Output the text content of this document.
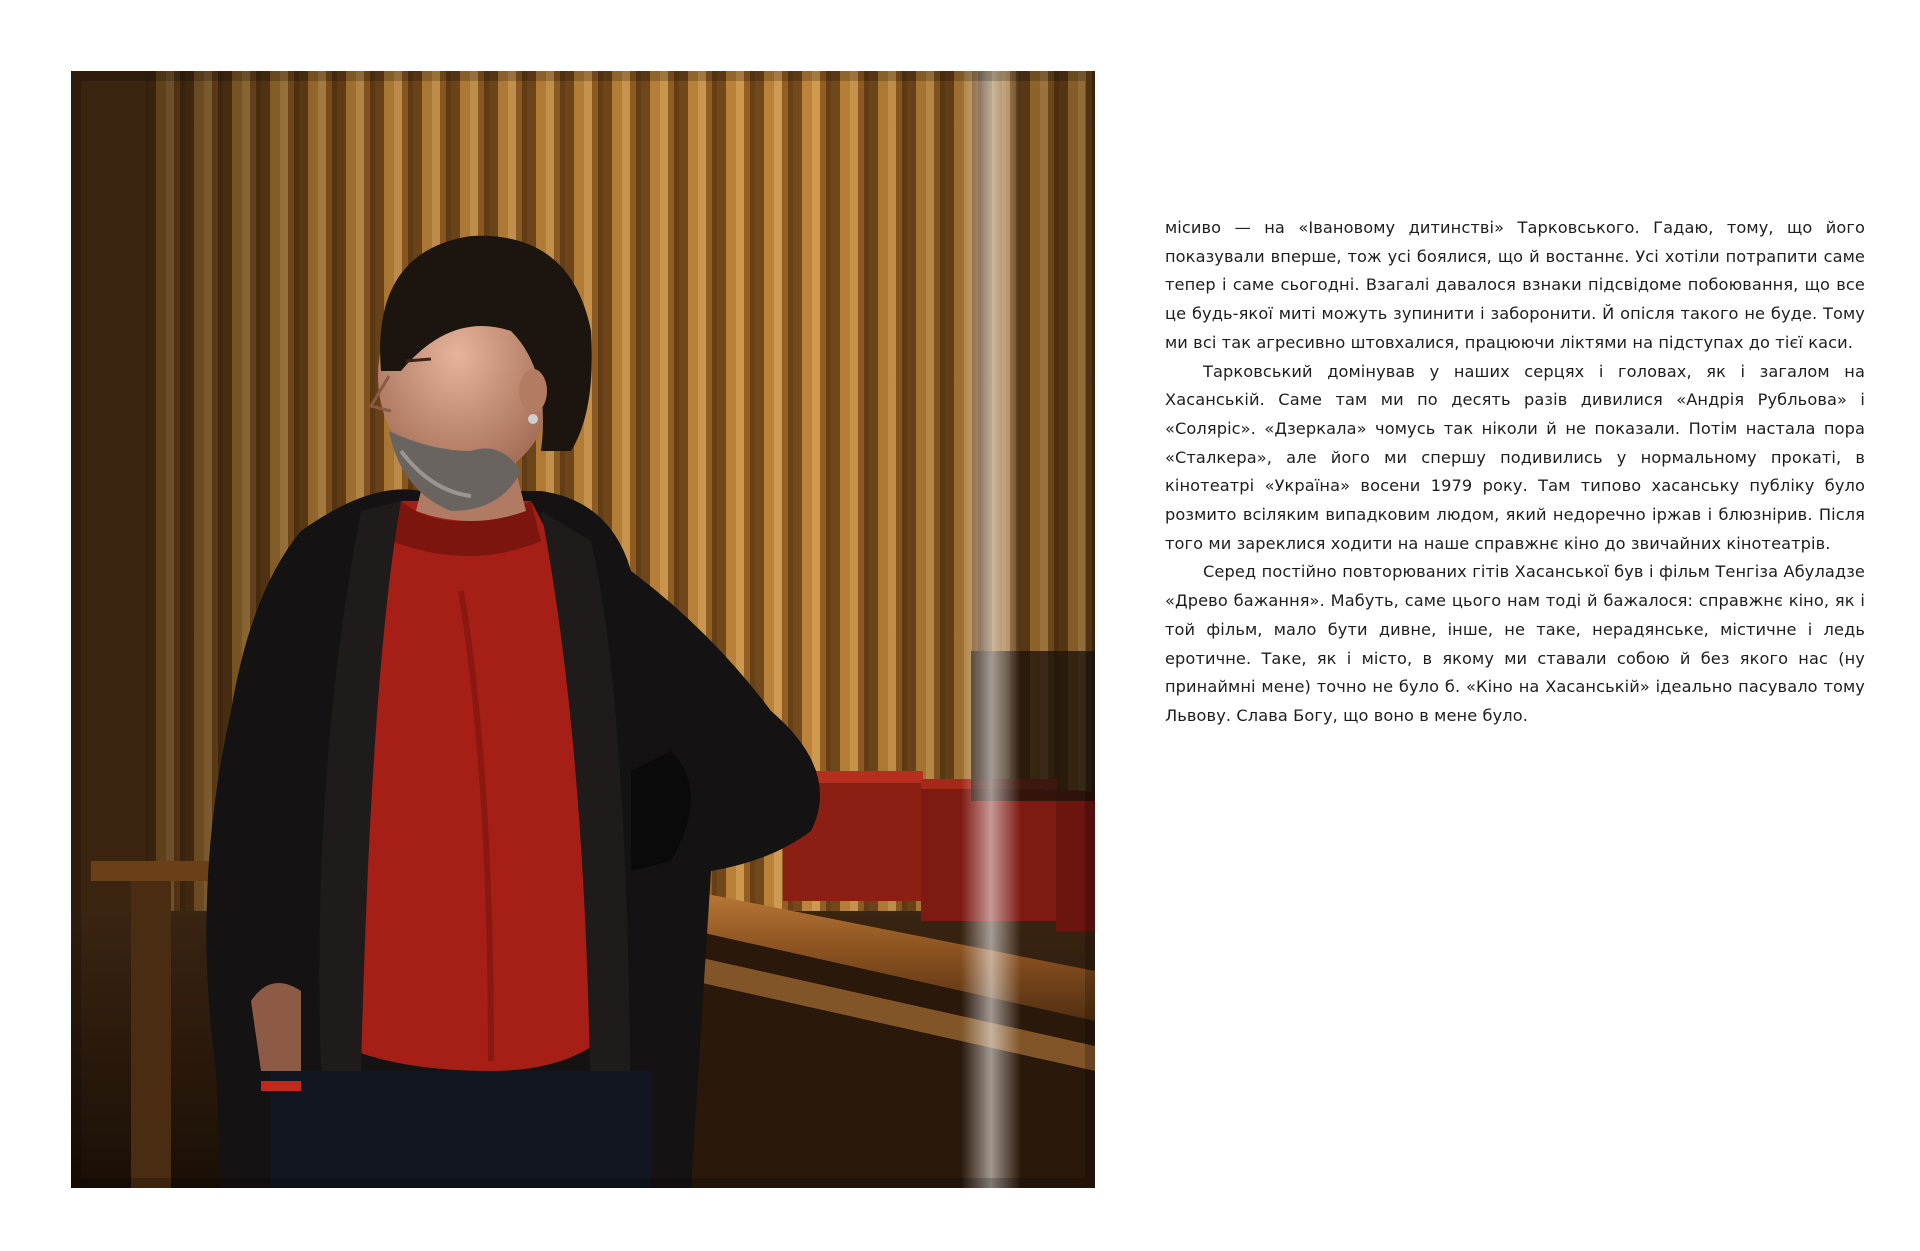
місиво — на «Івановому дитинстві» Тарковського. Гадаю, тому, що його показували вперше, тож усі боялися, що й востаннє. Усі хотіли потрапити саме тепер і саме сьогодні. Взагалі давалося взнаки підсвідоме побоювання, що все це будь-якої миті можуть зупинити і заборонити. Й опісля такого не буде. Тому ми всі так агресивно штовхалися, працюючи ліктями на підступах до тієї каси.

Тарковський домінував у наших серцях і головах, як і загалом на Хасанській. Саме там ми по десять разів дивилися «Андрія Рубльова» і «Соляріс». «Дзеркала» чомусь так ніколи й не показали. Потім настала пора «Сталкера», але його ми спершу подивились у нормальному прокаті, в кінотеатрі «Україна» восени 1979 року. Там типово хасанську публіку було розмито всіляким випадковим людом, який недоречно іржав і блюзнірив. Після того ми зареклися ходити на наше справжнє кіно до звичайних кінотеатрів.

Серед постійно повторюваних гітів Хасанської був і фільм Тенгіза Абуладзе «Древо бажання». Мабуть, саме цього нам тоді й бажалося: справжнє кіно, як і той фільм, мало бути дивне, інше, не таке, нерадянське, містичне і ледь еротичне. Таке, як і місто, в якому ми ставали собою й без якого нас (ну принаймні мене) точно не було б. «Кіно на Хасанській» ідеально пасувало тому Львову. Слава Богу, що воно в мене було.
